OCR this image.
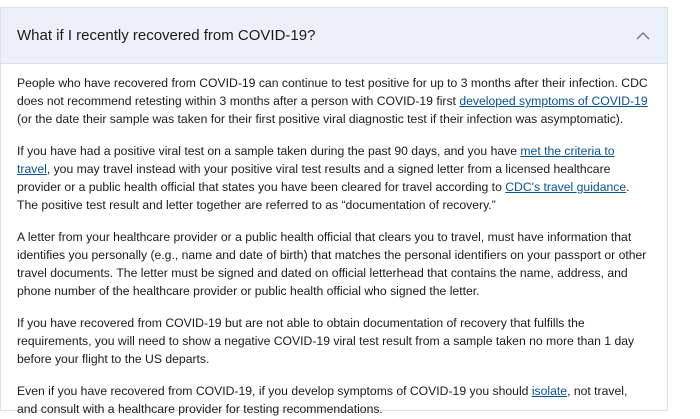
What if I recently recovered from COVID-19?

People who have recovered from COVID-19 can continue to test positive for up to 3 months after their infection. CDC does not recommend retesting within 3 months after a person with COVID-19 first developed symptoms of COVID-19 (or the date their sample was taken for their first positive viral diagnostic test if their infection was asymptomatic).

If you have had a positive viral test on a sample taken during the past 90 days, and you have met the criteria to travel, you may travel instead with your positive viral test results and a signed letter from a licensed healthcare provider or a public health official that states you have been cleared for travel according to CDC's travel guidance. The positive test result and letter together are referred to as “documentation of recovery.”

A letter from your healthcare provider or a public health official that clears you to travel, must have information that identifies you personally (e.g., name and date of birth) that matches the personal identifiers on your passport or other travel documents. The letter must be signed and dated on official letterhead that contains the name, address, and phone number of the healthcare provider or public health official who signed the letter.

If you have recovered from COVID-19 but are not able to obtain documentation of recovery that fulfills the requirements, you will need to show a negative COVID-19 viral test result from a sample taken no more than 1 day before your flight to the US departs.

Even if you have recovered from COVID-19, if you develop symptoms of COVID-19 you should isolate, not travel, and consult with a healthcare provider for testing recommendations.
